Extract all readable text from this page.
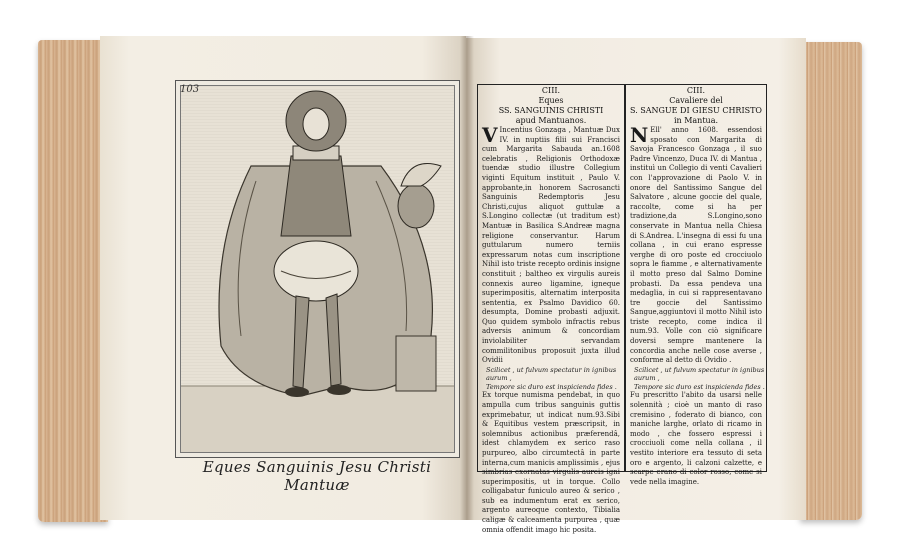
103
Eques Sanguinis Jesu Christi Mantuæ
CIII.
Eques
SS. SANGUINIS CHRISTI
apud Mantuanos.
V Incentius Gonzaga , Mantuæ Dux IV. in nuptiis filii sui Francisci cum Margarita Sabauda an.1608 celebratis , Religionis Orthodoxæ tuendæ studio illustre Collegium viginti Equitum instituit , Paulo V. approbante,in honorem Sacrosancti Sanguinis Redemptoris Jesu Christi,cujus aliquot guttulæ a S.Longino collectæ (ut traditum est) Mantuæ in Basilica S.Andreæ magna religione conservantur. Harum guttularum numero terniis expressarum notas cum inscriptione Nihil isto triste recepto ordinis insigne constituit ; baltheo ex virgulis aureis connexis aureo ligamine, igneque superimpositis, alternatim interposita sententia, ex Psalmo Davidico 60. desumpta, Domine probasti adjuxit. Quo quidem symbolo infractis rebus adversis animum & concordiam inviolabiliter servandam commilitonibus proposuit juxta illud Ovidii
Scilicet , ut fulvum spectatur in ignibus aurum ,
Tempore sic duro est inspicienda fides .
Ex torque numisma pendebat, in quo ampulla cum tribus sanguinis guttis exprimebatur, ut indicat num.93.Sibi & Equitibus vestem præscripsit, in solemnibus actionibus præferendâ, idest chlamydem ex serico raso purpureo, albo circumtectâ in parte interna,cum manicis amplissimis , ejus simbrias exornatas virgulis aureis igni superimpositis, ut in torque. Collo colligabatur funiculo aureo & serico , sub ea indumentum erat ex serico, argento aureoque contexto, Tibialia caligæ & calceamenta purpurea , quæ omnia offendit imago hic posita.
CIII.
Cavaliere del
S. SANGUE DI GIESU CHRISTO
in Mantua.
N Ell' anno 1608. essendosi sposato con Margarita di Savoja Francesco Gonzaga , il suo Padre Vincenzo, Duca IV. di Mantua , instituì un Collegio di venti Cavalieri con l'approvazione di Paolo V. in onore del Santissimo Sangue del Salvatore , alcune goccie del quale, raccolte, come si ha per tradizione,da S.Longino,sono conservate in Mantua nella Chiesa di S.Andrea. L'insegna di essi fu una collana , in cui erano espresse verghe di oro poste ed crocciuolo sopra le fiamme , e alternativamente il motto preso dal Salmo Domine probasti. Da essa pendeva una medaglia, in cui si rappresentavano tre goccie del Santissimo Sangue,aggiuntovi il motto Nihil isto triste recepto, come indica il num.93. Volle con ciò significare doversi sempre mantenere la concordia anche nelle cose averse , conforme al detto di Ovidio .
Scilicet , ut fulvum spectatur in ignibus aurum ,
Tempore sic duro est inspicienda fides .
Fu prescritto l'abito da usarsi nelle solennità ; cioè un manto di raso cremisino , foderato di bianco, con maniche larghe, orlato di ricamo in modo , che fossero espressi i crocciuoli come nella collana , il vestito interiore era tessuto di seta oro e argento, li calzoni calzette, e scarpe erano di color rosso, come si vede nella imagine.
